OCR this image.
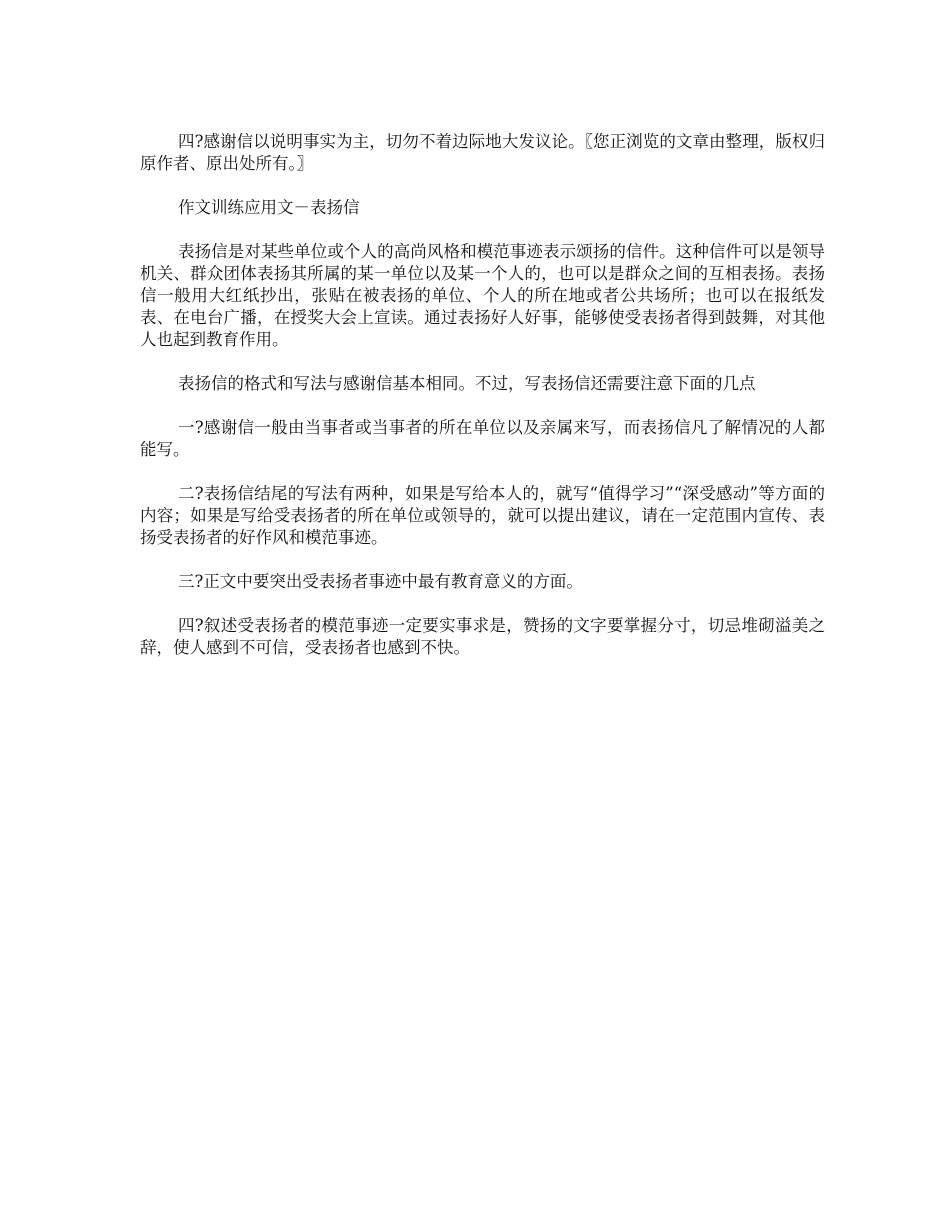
四?感谢信以说明事实为主，切勿不着边际地大发议论。〖您正浏览的文章由整理，版权归原作者、原出处所有。〗

作文训练应用文－表扬信

表扬信是对某些单位或个人的高尚风格和模范事迹表示颂扬的信件。这种信件可以是领导机关、群众团体表扬其所属的某一单位以及某一个人的，也可以是群众之间的互相表扬。表扬信一般用大红纸抄出，张贴在被表扬的单位、个人的所在地或者公共场所；也可以在报纸发表、在电台广播，在授奖大会上宣读。通过表扬好人好事，能够使受表扬者得到鼓舞，对其他人也起到教育作用。

表扬信的格式和写法与感谢信基本相同。不过，写表扬信还需要注意下面的几点

一?感谢信一般由当事者或当事者的所在单位以及亲属来写，而表扬信凡了解情况的人都能写。

二?表扬信结尾的写法有两种，如果是写给本人的，就写“值得学习”“深受感动”等方面的内容；如果是写给受表扬者的所在单位或领导的，就可以提出建议，请在一定范围内宣传、表扬受表扬者的好作风和模范事迹。

三?正文中要突出受表扬者事迹中最有教育意义的方面。

四?叙述受表扬者的模范事迹一定要实事求是，赞扬的文字要掌握分寸，切忌堆砌溢美之辞，使人感到不可信，受表扬者也感到不快。
